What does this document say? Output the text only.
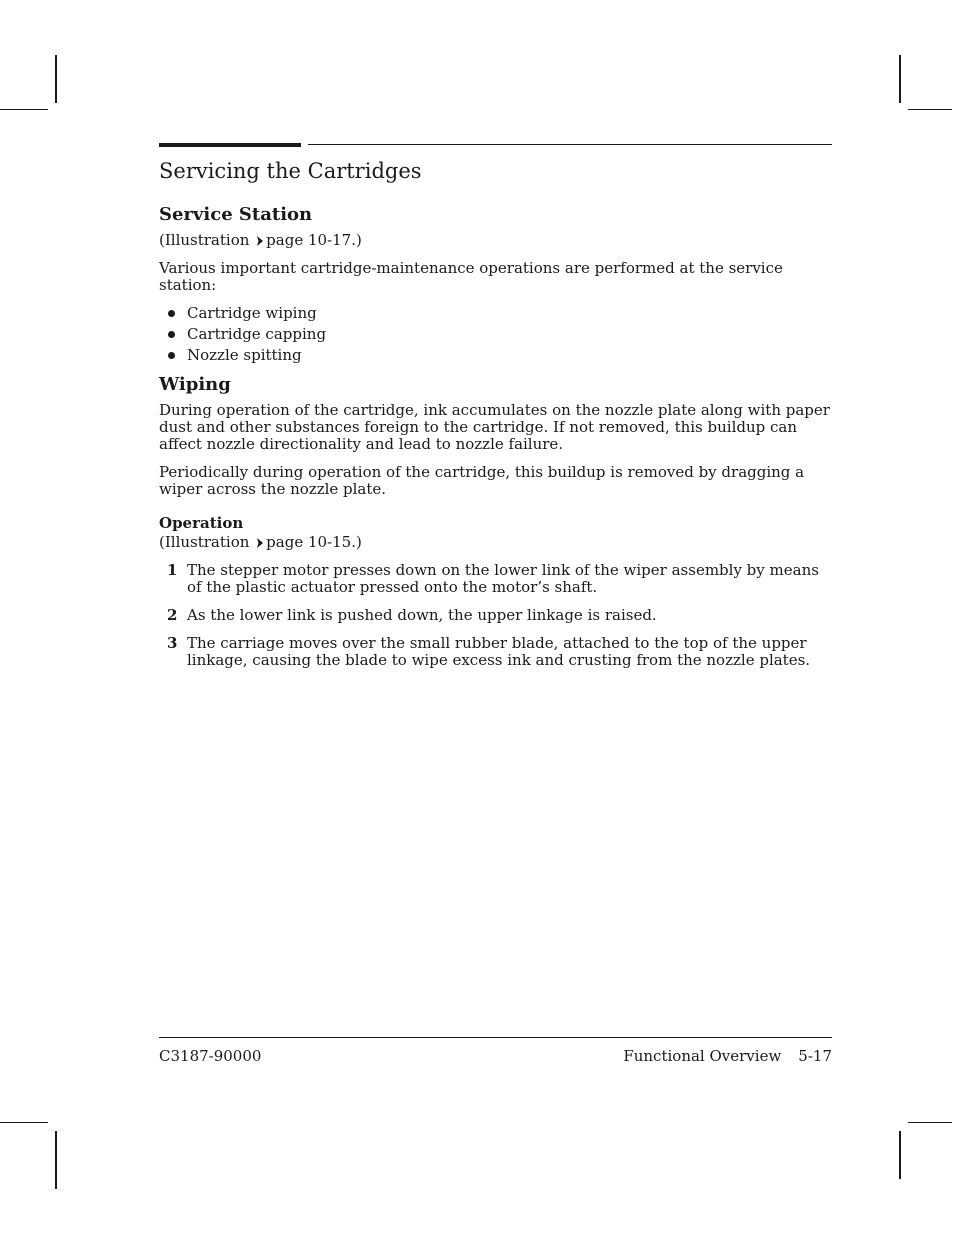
Servicing the Cartridges
Service Station
(Illustration page 10-17.)

Various important cartridge-maintenance operations are performed at the service station:

Cartridge wiping
Cartridge capping
Nozzle spitting
Wiping

During operation of the cartridge, ink accumulates on the nozzle plate along with paper dust and other substances foreign to the cartridge. If not removed, this buildup can affect nozzle directionality and lead to nozzle failure.

Periodically during operation of the cartridge, this buildup is removed by dragging a wiper across the nozzle plate.

Operation
(Illustration page 10-15.)
1 The stepper motor presses down on the lower link of the wiper assembly by means of the plastic actuator pressed onto the motor’s shaft.
2 As the lower link is pushed down, the upper linkage is raised.
3 The carriage moves over the small rubber blade, attached to the top of the upper linkage, causing the blade to wipe excess ink and crusting from the nozzle plates.
C3187-90000	Functional Overview 5-17
